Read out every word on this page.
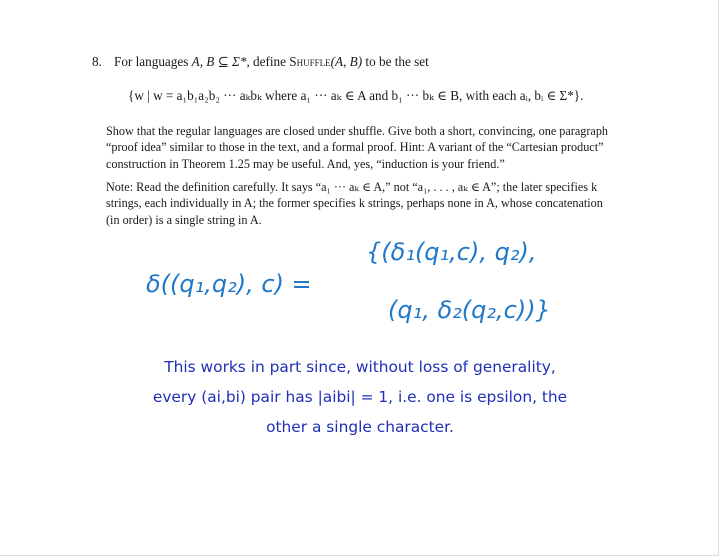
8. For languages A, B ⊆ Σ*, define Shuffle(A, B) to be the set
{w | w = a₁b₁a₂b₂ ··· aₖbₖ where a₁ ··· aₖ ∈ A and b₁ ··· bₖ ∈ B, with each aᵢ, bᵢ ∈ Σ*}.
Show that the regular languages are closed under shuffle. Give both a short, convincing, one paragraph
“proof idea” similar to those in the text, and a formal proof. Hint: A variant of the “Cartesian product”
construction in Theorem 1.25 may be useful. And, yes, “induction is your friend.”
Note: Read the definition carefully. It says “a₁ ··· aₖ ∈ A,” not “a₁, . . . , aₖ ∈ A”; the later specifies k
strings, each individually in A; the former specifies k strings, perhaps none in A, whose concatenation
(in order) is a single string in A.
δ((q₁,q₂), c) =
{(δ₁(q₁,c), q₂),
(q₁, δ₂(q₂,c))}
This works in part since, without loss of generality,
every (ai,bi) pair has |aibi| = 1, i.e. one is epsilon, the
other a single character.
